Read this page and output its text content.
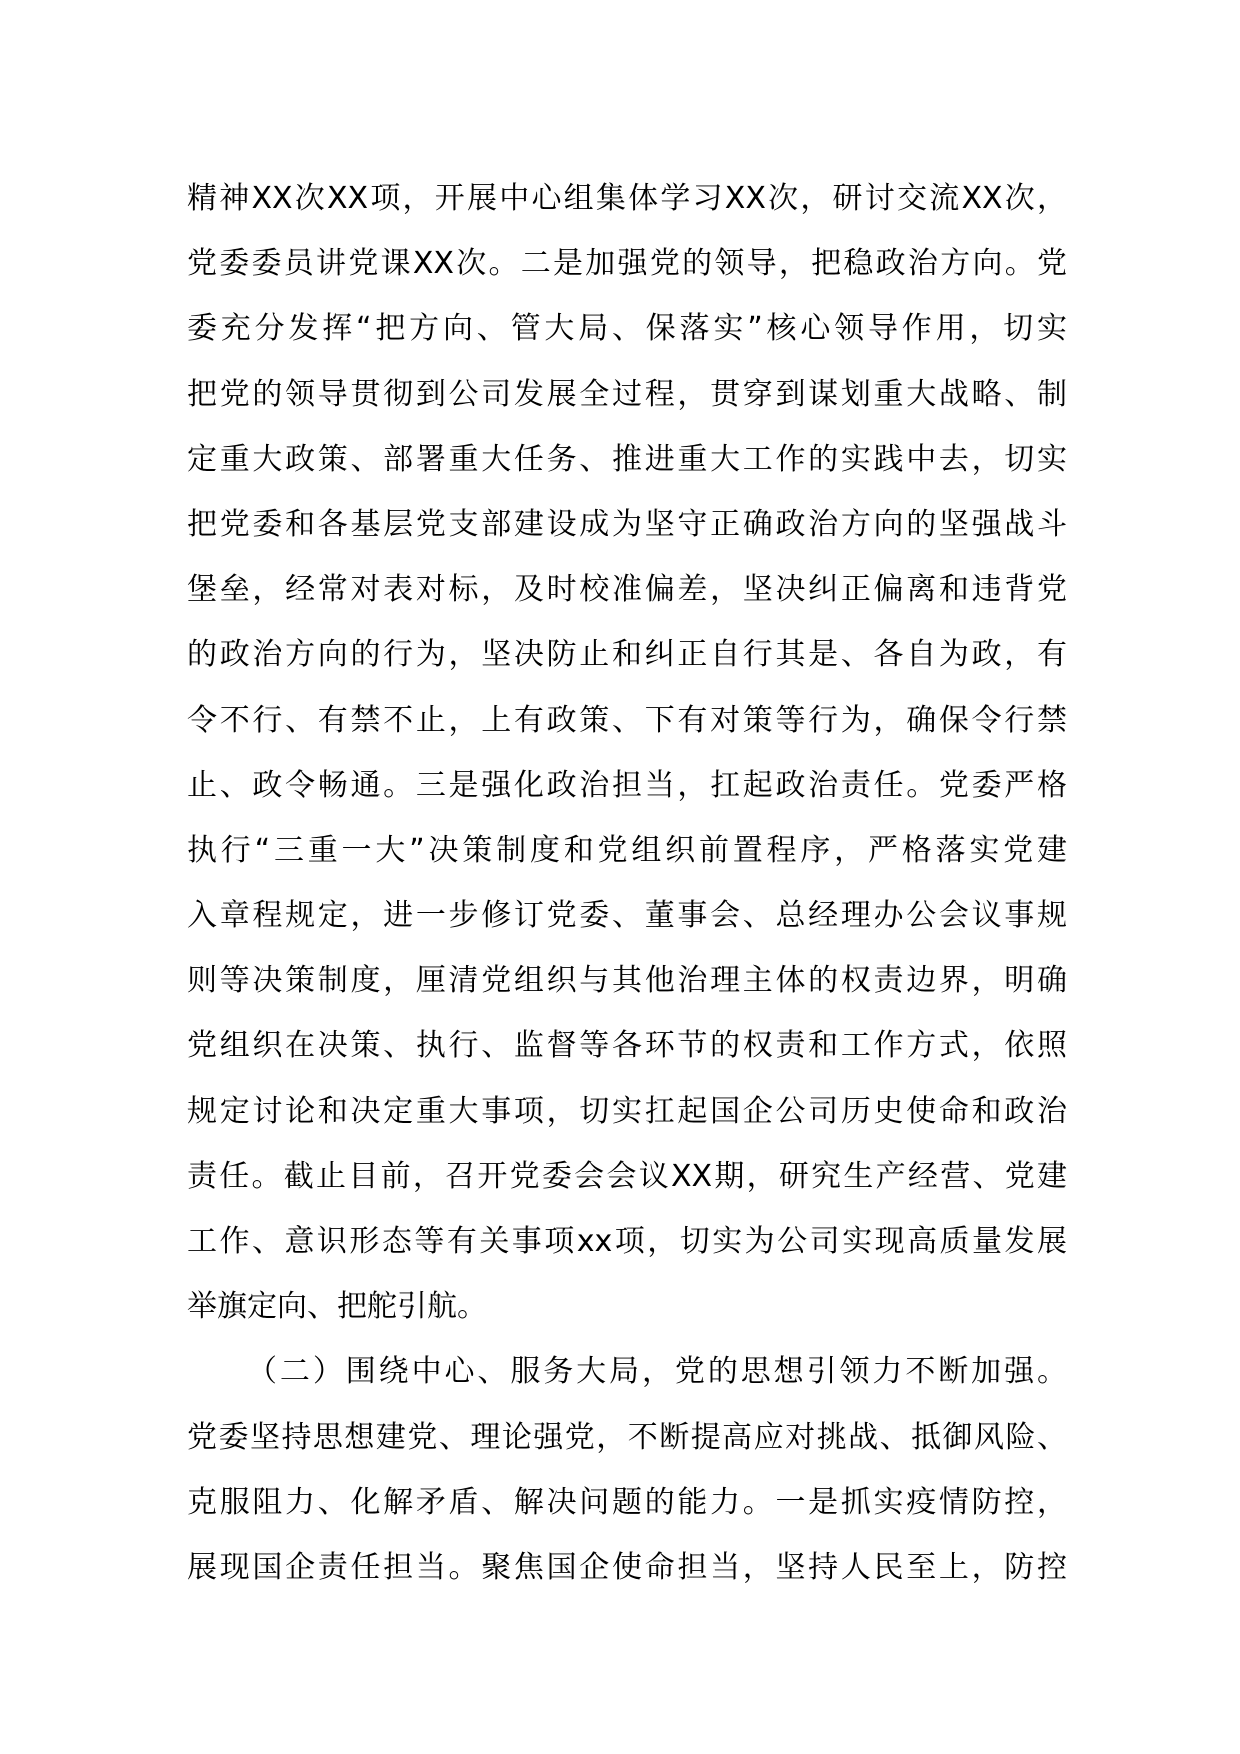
精神XX次XX项，开展中心组集体学习XX次，研讨交流XX次，
党委委员讲党课XX次。二是加强党的领导，把稳政治方向。党
委充分发挥“把方向、管大局、保落实”核心领导作用，切实
把党的领导贯彻到公司发展全过程，贯穿到谋划重大战略、制
定重大政策、部署重大任务、推进重大工作的实践中去，切实
把党委和各基层党支部建设成为坚守正确政治方向的坚强战斗
堡垒，经常对表对标，及时校准偏差，坚决纠正偏离和违背党
的政治方向的行为，坚决防止和纠正自行其是、各自为政，有
令不行、有禁不止，上有政策、下有对策等行为，确保令行禁
止、政令畅通。三是强化政治担当，扛起政治责任。党委严格
执行“三重一大”决策制度和党组织前置程序，严格落实党建
入章程规定，进一步修订党委、董事会、总经理办公会议事规
则等决策制度，厘清党组织与其他治理主体的权责边界，明确
党组织在决策、执行、监督等各环节的权责和工作方式，依照
规定讨论和决定重大事项，切实扛起国企公司历史使命和政治
责任。截止目前，召开党委会会议XX期，研究生产经营、党建
工作、意识形态等有关事项xx项，切实为公司实现高质量发展
举旗定向、把舵引航。
（二）围绕中心、服务大局，党的思想引领力不断加强。
党委坚持思想建党、理论强党，不断提高应对挑战、抵御风险、
克服阻力、化解矛盾、解决问题的能力。一是抓实疫情防控，
展现国企责任担当。聚焦国企使命担当，坚持人民至上，防控
